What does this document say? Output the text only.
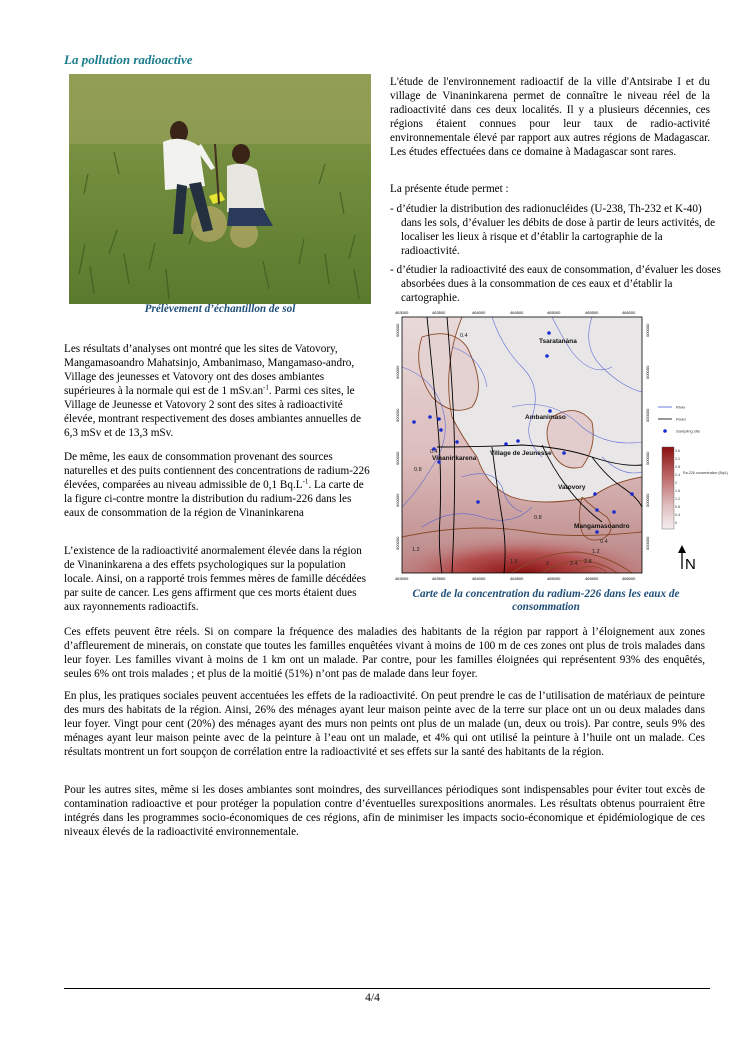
La pollution radioactive
Prélèvement d’échantillon de sol

L'étude de l'environnement radioactif de la ville d'Antsirabe I et du village de Vinaninkarena permet de connaître le niveau réel de la radioactivité dans ces deux localités. Il y a plusieurs décennies, ces régions étaient connues pour leur taux de radio-activité environnementale élevé par rapport aux autres régions de Madagascar. Les études effectuées dans ce domaine à Madagascar sont rares.

La présente étude permet :

- d’étudier la distribution des radionucléides (U-238, Th-232 et K-40) dans les sols, d’évaluer les débits de dose à partir de leurs activités, de localiser les lieux à risque et d’établir la cartographie de la radioactivité.

- d’étudier la radioactivité des eaux de consommation, d’évaluer les doses absorbées dues à la consommation de ces eaux et d’établir la cartographie.

Les résultats d’analyses ont montré que les sites de Vatovory, Mangamasoandro Mahatsinjo, Ambanimaso, Mangamaso-andro, Village des jeunesses et Vatovory ont des doses ambiantes supérieures à la normale qui est de 1 $mSv.an^{-1}$. Parmi ces sites, le Village de Jeunesse et Vatovory 2 sont des sites à radioactivité élevée, montrant respectivement des doses ambiantes annuelles de 6,3 mSv et de 13,3 mSv.

De même, les eaux de consommation provenant des sources naturelles et des puits contiennent des concentrations de radium-226 élevées, comparées au niveau admissible de 0,1 $Bq.L^{-1}$. La carte de la figure ci-contre montre la distribution du radium-226 dans les eaux de consommation de la région de Vinaninkarena

L’existence de la radioactivité anormalement élevée dans la région de Vinaninkarena a des effets psychologiques sur la population locale. Ainsi, on a rapporté trois femmes mères de famille décédées par suite de cancer. Les gens affirment que ces morts étaient dues aux rayonnements radioactifs.

Tsaratanàna
Ambanimaso
Vinaninkarena
Village de Jeunesse
Vatovory
Mangamasoandro
0.4
0.4
0.8
0.8
0.4
1.2
1.6
1.2
2	2.4 2.8
463000	463500	464000	464500	465000	465500	466000
463000	463500	464000	464500	465000	465500	466000
000000
000000
000000
000000
000000
000000
000000
000000
000000
000000
000000
000000
River
Road
Sampling site
3.6
3.2
2.8
2.4
2
1.6
1.2
0.8
0.4
0
Ra-226 concentration (Bq/L)
N
Carte de la concentration du radium-226 dans les eaux de consommation

Ces effets peuvent être réels. Si on compare la fréquence des maladies des habitants de la région par rapport à l’éloignement aux zones d’affleurement de minerais, on constate que toutes les familles enquêtées vivant à moins de 100 m de ces zones ont plus de trois malades dans leur foyer. Les familles vivant à moins de 1 km ont un malade. Par contre, pour les familles éloignées qui représentent 93% des enquêtés, seules 6% ont trois malades ; et plus de la moitié (51%) n’ont pas de malade dans leur foyer.

En plus, les pratiques sociales peuvent accentuées les effets de la radioactivité. On peut prendre le cas de l’utilisation de matériaux de peinture des murs des habitats de la région. Ainsi, 26% des ménages ayant leur maison peinte avec de la terre sur place ont un ou deux malades dans leur foyer. Vingt pour cent (20%) des ménages ayant des murs non peints ont plus de un malade (un, deux ou trois). Par contre, seuls 9% des ménages ayant leur maison peinte avec de la peinture à l’eau ont un malade, et 4% qui ont utilisé la peinture à l’huile ont un malade. Ces résultats montrent un fort soupçon de corrélation entre la radioactivité et ses effets sur la santé des habitants de la région.

Pour les autres sites, même si les doses ambiantes sont moindres, des surveillances périodiques sont indispensables pour éviter tout excès de contamination radioactive et pour protéger la population contre d’éventuelles surexpositions anormales. Les résultats obtenus pourraient être intégrés dans les programmes socio-économiques de ces régions, afin de minimiser les impacts socio-économique et épidémiologique de ces niveaux élevés de la radioactivité environnementale.

4/4
